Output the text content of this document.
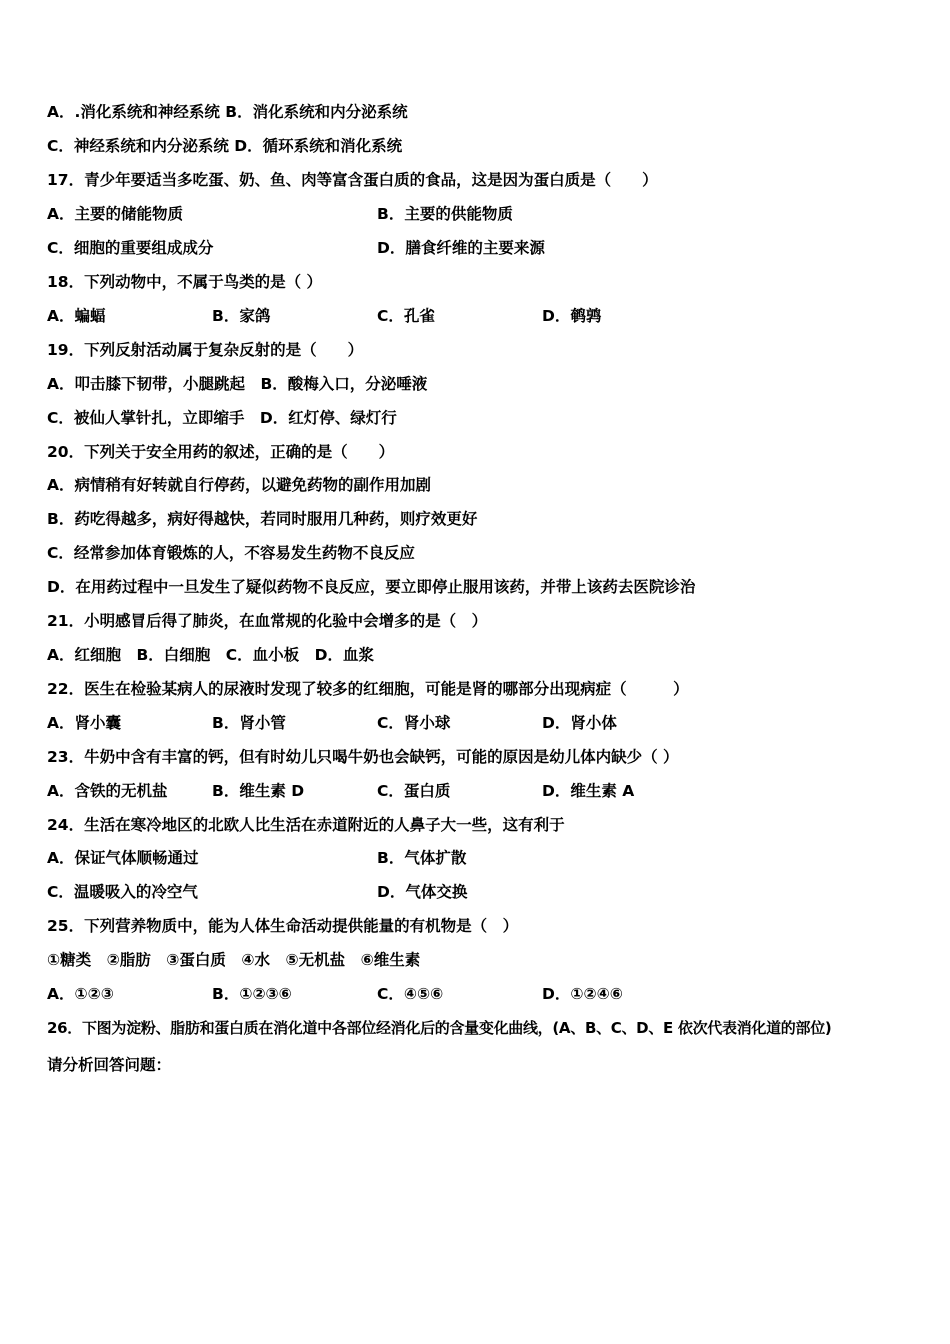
A．.消化系统和神经系统 B．消化系统和内分泌系统
C．神经系统和内分泌系统 D．循环系统和消化系统
17．青少年要适当多吃蛋、奶、鱼、肉等富含蛋白质的食品，这是因为蛋白质是（　　）
A．主要的储能物质	B．主要的供能物质
C．细胞的重要组成成分	D．膳食纤维的主要来源
18．下列动物中，不属于鸟类的是（ ）
A．蝙蝠	B．家鸽	C．孔雀	D．鹌鹑
19．下列反射活动属于复杂反射的是（　　）
A．叩击膝下韧带，小腿跳起　B．酸梅入口，分泌唾液
C．被仙人掌针扎，立即缩手　D．红灯停、绿灯行
20．下列关于安全用药的叙述，正确的是（　　）
A．病情稍有好转就自行停药，以避免药物的副作用加剧
B．药吃得越多，病好得越快，若同时服用几种药，则疗效更好
C．经常参加体育锻炼的人，不容易发生药物不良反应
D．在用药过程中一旦发生了疑似药物不良反应，要立即停止服用该药，并带上该药去医院诊治
21．小明感冒后得了肺炎，在血常规的化验中会增多的是（　）
A．红细胞　B．白细胞　C．血小板　D．血浆
22．医生在检验某病人的尿液时发现了较多的红细胞，可能是肾的哪部分出现病症（　　　）
A．肾小囊	B．肾小管	C．肾小球	D．肾小体
23．牛奶中含有丰富的钙，但有时幼儿只喝牛奶也会缺钙，可能的原因是幼儿体内缺少（ ）
A．含铁的无机盐	B．维生素 D	C．蛋白质	D．维生素 A
24．生活在寒冷地区的北欧人比生活在赤道附近的人鼻子大一些，这有利于
A．保证气体顺畅通过	B．气体扩散
C．温暖吸入的冷空气	D．气体交换
25．下列营养物质中，能为人体生命活动提供能量的有机物是（　）
①糖类　②脂肪　③蛋白质　④水　⑤无机盐　⑥维生素
A．①②③	B．①②③⑥	C．④⑤⑥	D．①②④⑥
26．下图为淀粉、脂肪和蛋白质在消化道中各部位经消化后的含量变化曲线，(A、B、C、D、E 依次代表消化道的部位)
请分析回答问题：
